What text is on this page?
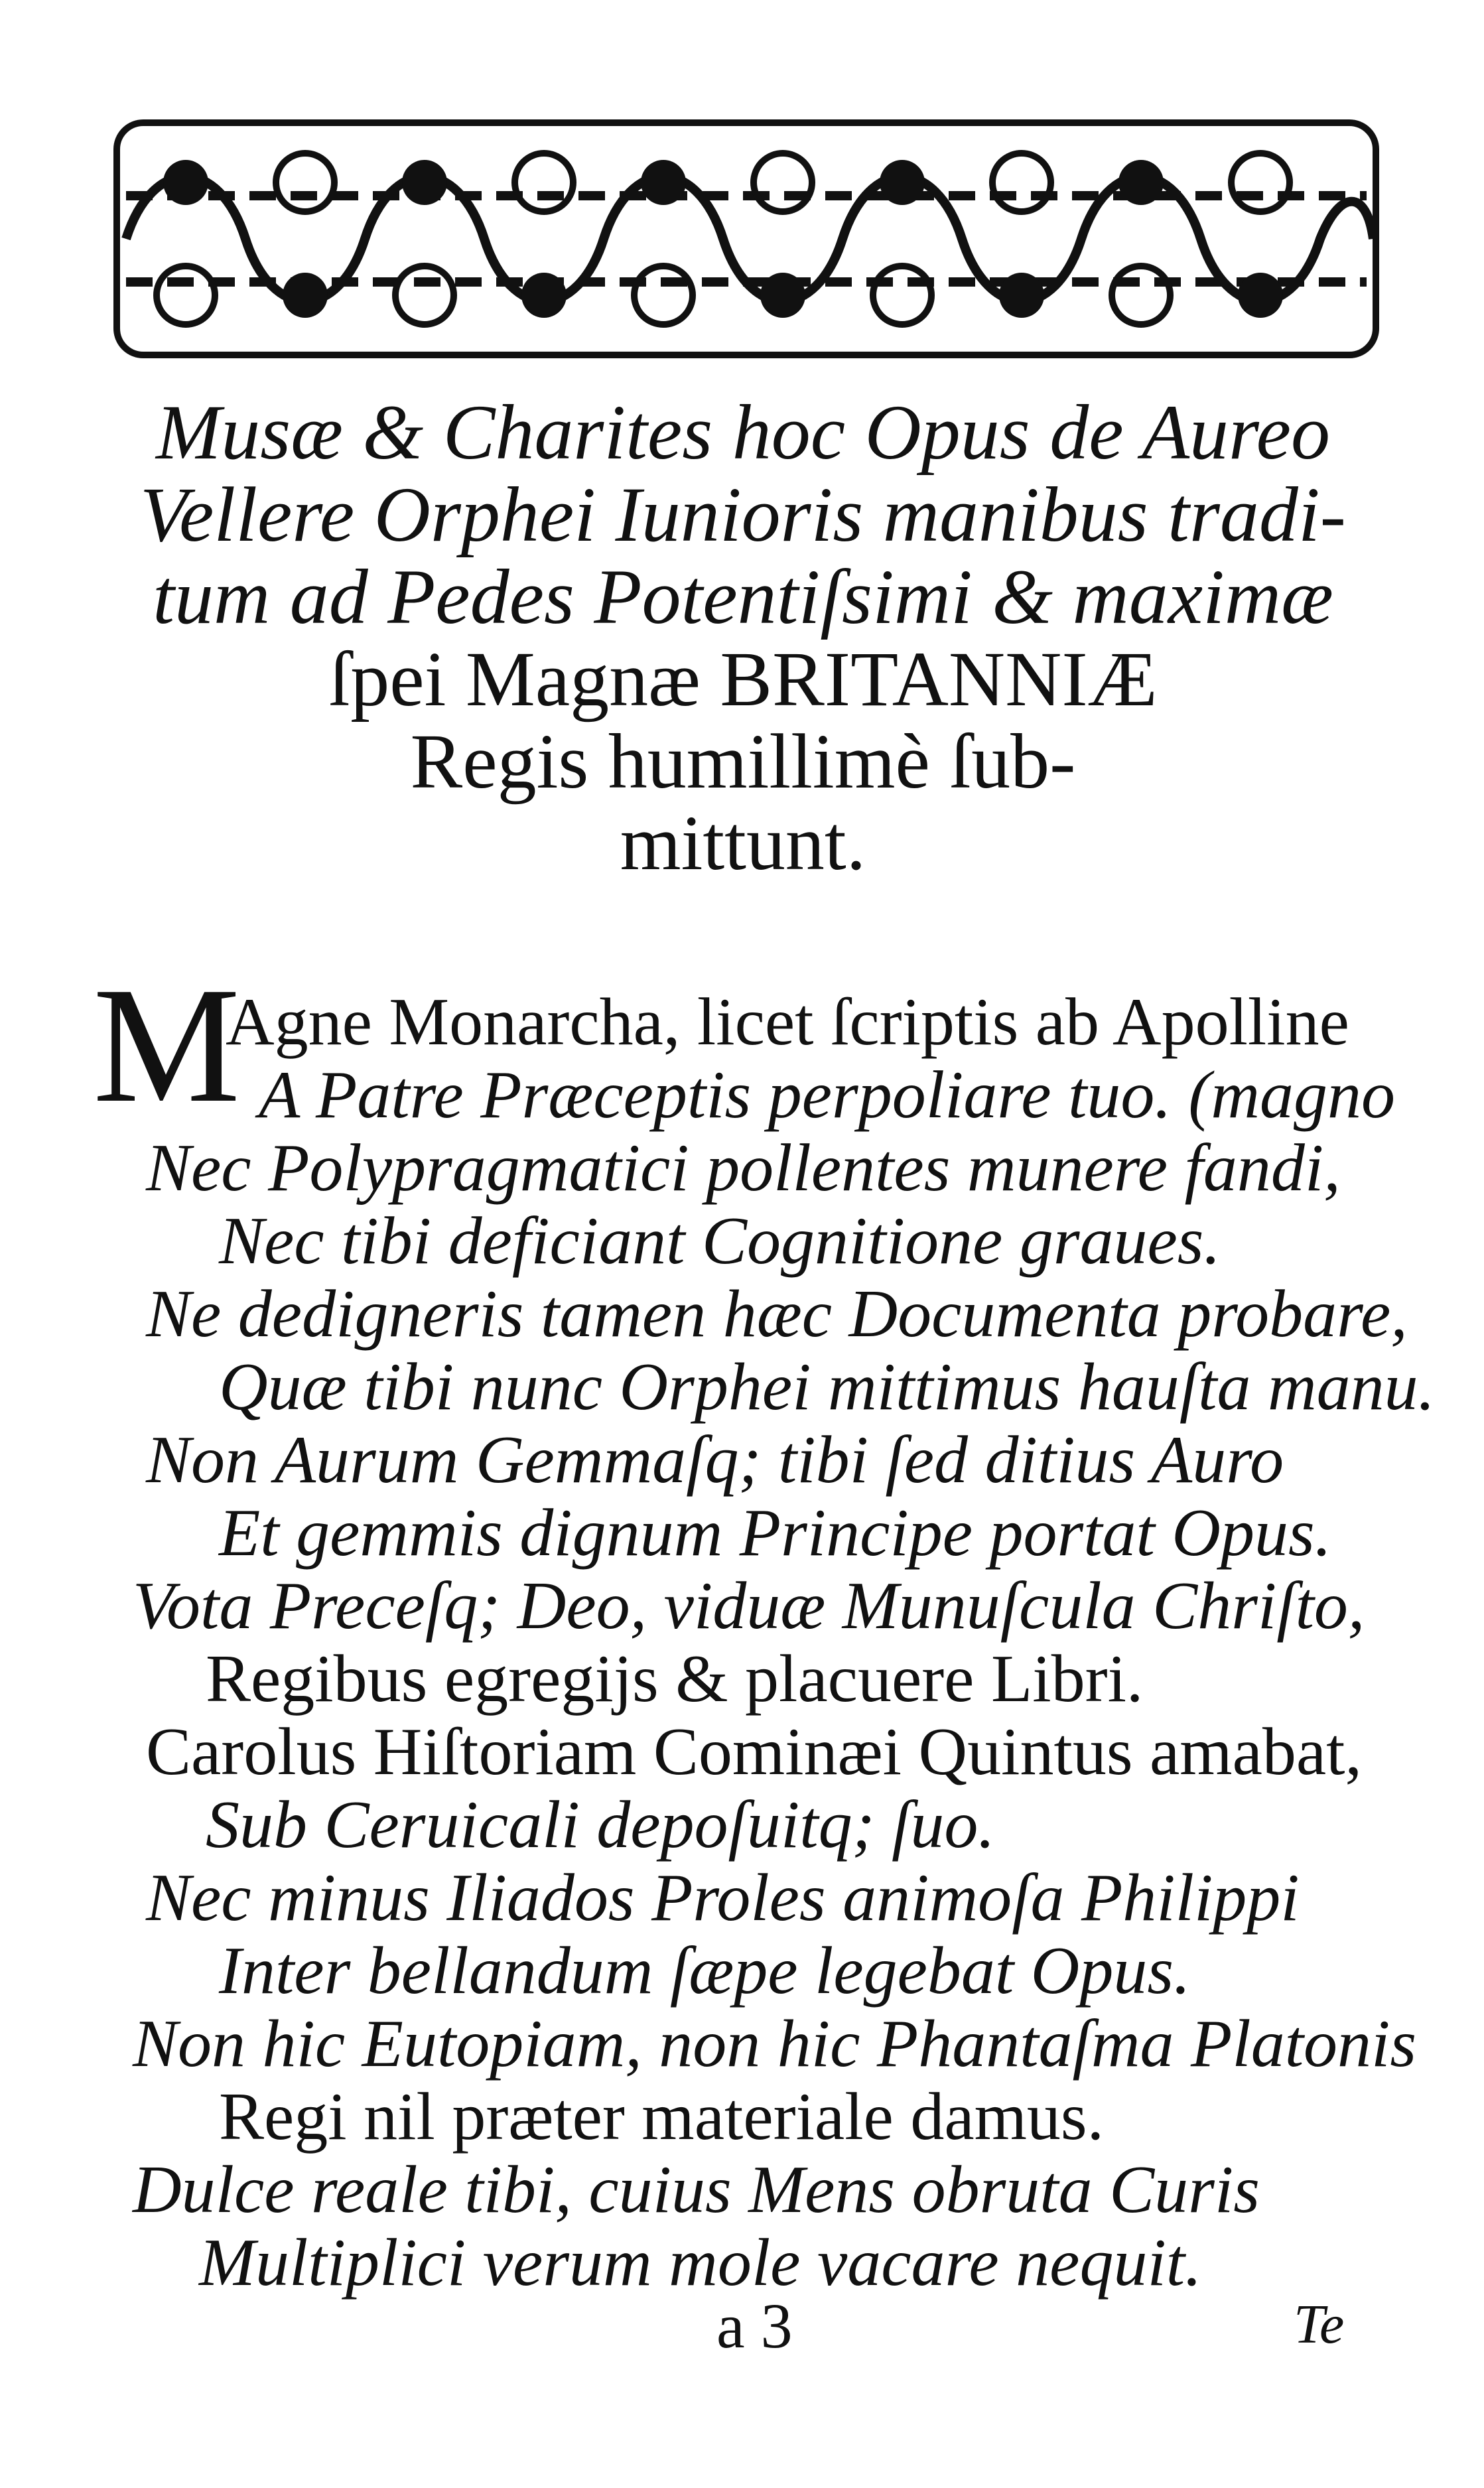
Musæ & Charites hoc Opus de Aureo
Vellere Orphei Iunioris manibus tradi-
tum ad Pedes Potentiſsimi & maximæ
ſpei Magnæ BRITANNIÆ
Regis humillimè ſub-
mittunt.
M
Agne Monarcha, licet ſcriptis ab Apolline
A Patre Præceptis perpoliare tuo. (magno
Nec Polypragmatici pollentes munere fandi,
Nec tibi deficiant Cognitione graues.
Ne dedigneris tamen hæc Documenta probare,
Quæ tibi nunc Orphei mittimus hauſta manu.
Non Aurum Gemmaſq; tibi ſed ditius Auro
Et gemmis dignum Principe portat Opus.
Vota Preceſq; Deo, viduæ Munuſcula Chriſto,
Regibus egregijs & placuere Libri.
Carolus Hiſtoriam Cominæi Quintus amabat,
Sub Ceruicali depoſuitq; ſuo.
Nec minus Iliados Proles animoſa Philippi
Inter bellandum ſæpe legebat Opus.
Non hic Eutopiam, non hic Phantaſma Platonis
Regi nil præter materiale damus.
Dulce reale tibi, cuius Mens obruta Curis
Multiplici verum mole vacare nequit.
a 3	Te
